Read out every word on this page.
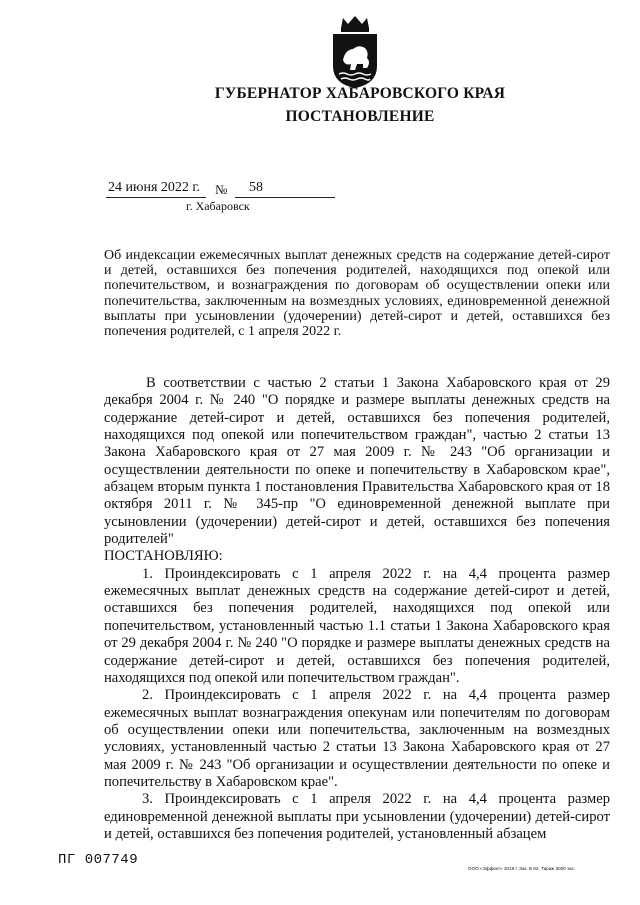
ГУБЕРНАТОР ХАБАРОВСКОГО КРАЯ
ПОСТАНОВЛЕНИЕ
24 июня 2022 г. № 58
г. Хабаровск
Об индексации ежемесячных выплат денежных средств на содержание детей-сирот и детей, оставшихся без попечения родителей, находящихся под опекой или попечительством, и вознаграждения по договорам об осуществлении опеки или попечительства, заключенным на возмездных условиях, единовременной денежной выплаты при усыновлении (удочерении) детей-сирот и детей, оставшихся без попечения родителей, с 1 апреля 2022 г.

В соответствии с частью 2 статьи 1 Закона Хабаровского края от 29 декабря 2004 г. № 240 "О порядке и размере выплаты денежных средств на содержание детей-сирот и детей, оставшихся без попечения родителей, находящихся под опекой или попечительством граждан", частью 2 статьи 13 Закона Хабаровского края от 27 мая 2009 г. № 243 "Об организации и осуществлении деятельности по опеке и попечительству в Хабаровском крае", абзацем вторым пункта 1 постановления Правительства Хабаровского края от 18 октября 2011 г. № 345-пр "О единовременной денежной выплате при усыновлении (удочерении) детей-сирот и детей, оставшихся без попечения родителей"

ПОСТАНОВЛЯЮ:

1. Проиндексировать с 1 апреля 2022 г. на 4,4 процента размер ежемесячных выплат денежных средств на содержание детей-сирот и детей, оставшихся без попечения родителей, находящихся под опекой или попечительством, установленный частью 1.1 статьи 1 Закона Хабаровского края от 29 декабря 2004 г. № 240 "О порядке и размере выплаты денежных средств на содержание детей-сирот и детей, оставшихся без попечения родителей, находящихся под опекой или попечительством граждан".

2. Проиндексировать с 1 апреля 2022 г. на 4,4 процента размер ежемесячных выплат вознаграждения опекунам или попечителям по договорам об осуществлении опеки или попечительства, заключенным на возмездных условиях, установленный частью 2 статьи 13 Закона Хабаровского края от 27 мая 2009 г. № 243 "Об организации и осуществлении деятельности по опеке и попечительству в Хабаровском крае".

3. Проиндексировать с 1 апреля 2022 г. на 4,4 процента размер единовременной денежной выплаты при усыновлении (удочерении) детей-сирот и детей, оставшихся без попечения родителей, установленный абзацем

ПГ 007749
ООО «Эффект» 2019 г. Зак. Б 82. Тираж 3000 экз.
